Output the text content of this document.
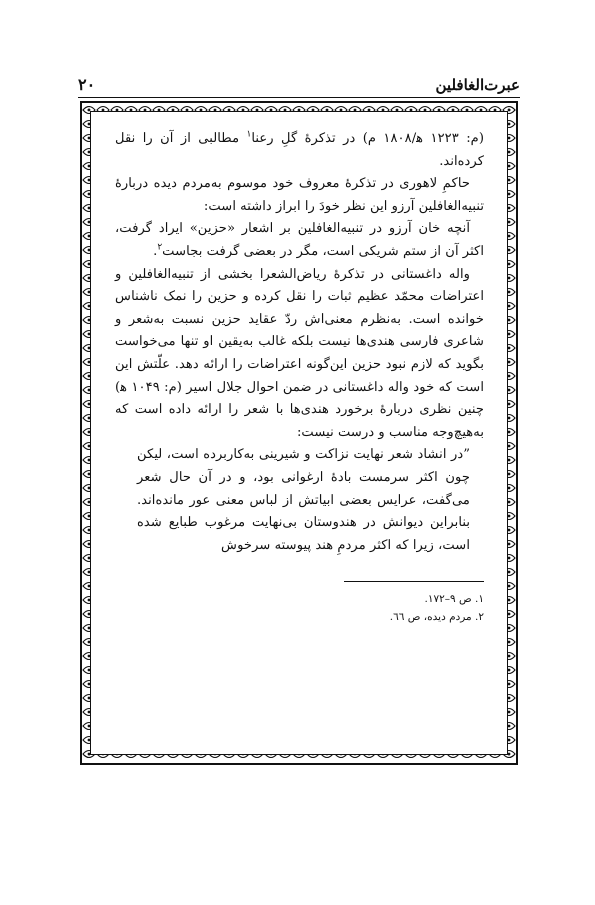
عبرت‌الغافلین
۲۰

(م: ۱۲۲۳ ه‍/۱۸۰۸ م) در تذکرهٔ گلِ رعنا$^۱$ مطالبی از آن را نقل کرده‌اند.

حاکمِ لاهوری در تذکرهٔ معروف خود موسوم به‌مردم دیده دربارهٔ تنبیه‌الغافلین آرزو این نظر خودَ را ابراز داشته است:

آنچه خان آرزو در تنبیه‌الغافلین بر اشعار «حزین» ایراد گرفت، اکثر آن از ستم شریکی است، مگر در بعضی گرفت بجاست$^۲$.

واله داغستانی در تذکرهٔ ریاض‌الشعرا بخشی از تنبیه‌الغافلین و اعتراضات محمّد عظیم ثبات را نقل کرده و حزین را نمک ناشناس خوانده است. به‌نظرم معنی‌اش ردّ عقاید حزین نسبت به‌شعر و شاعری فارسی هندی‌ها نیست بلکه غالب به‌یقین او تنها می‌خواست بگوید که لازم نبود حزین این‌گونه اعتراضات را ارائه دهد. علّتش این است که خود واله داغستانی در ضمن احوال جلال اسیر (م: ۱۰۴۹ ه‍) چنین نظری دربارهٔ برخورد هندی‌ها با شعر را ارائه داده است که به‌هیچ‌وجه مناسب و درست نیست:

”در انشاد شعر نهایت نزاکت و شیرینی به‌کاربرده است، لیکن چون اکثر سرمست بادهٔ ارغوانی بود، و در آن حال شعر می‌گفت، عرایس بعضی ابیاتش از لباس معنی عور مانده‌اند. بنابراین دیوانش در هندوستان بی‌نهایت مرغوب طبایع شده است، زیرا که اکثر مردمِ هند پیوسته سرخوش

۱. ص ۹–۱۷۲.
۲. مردم دیده، ص ٦٦.
